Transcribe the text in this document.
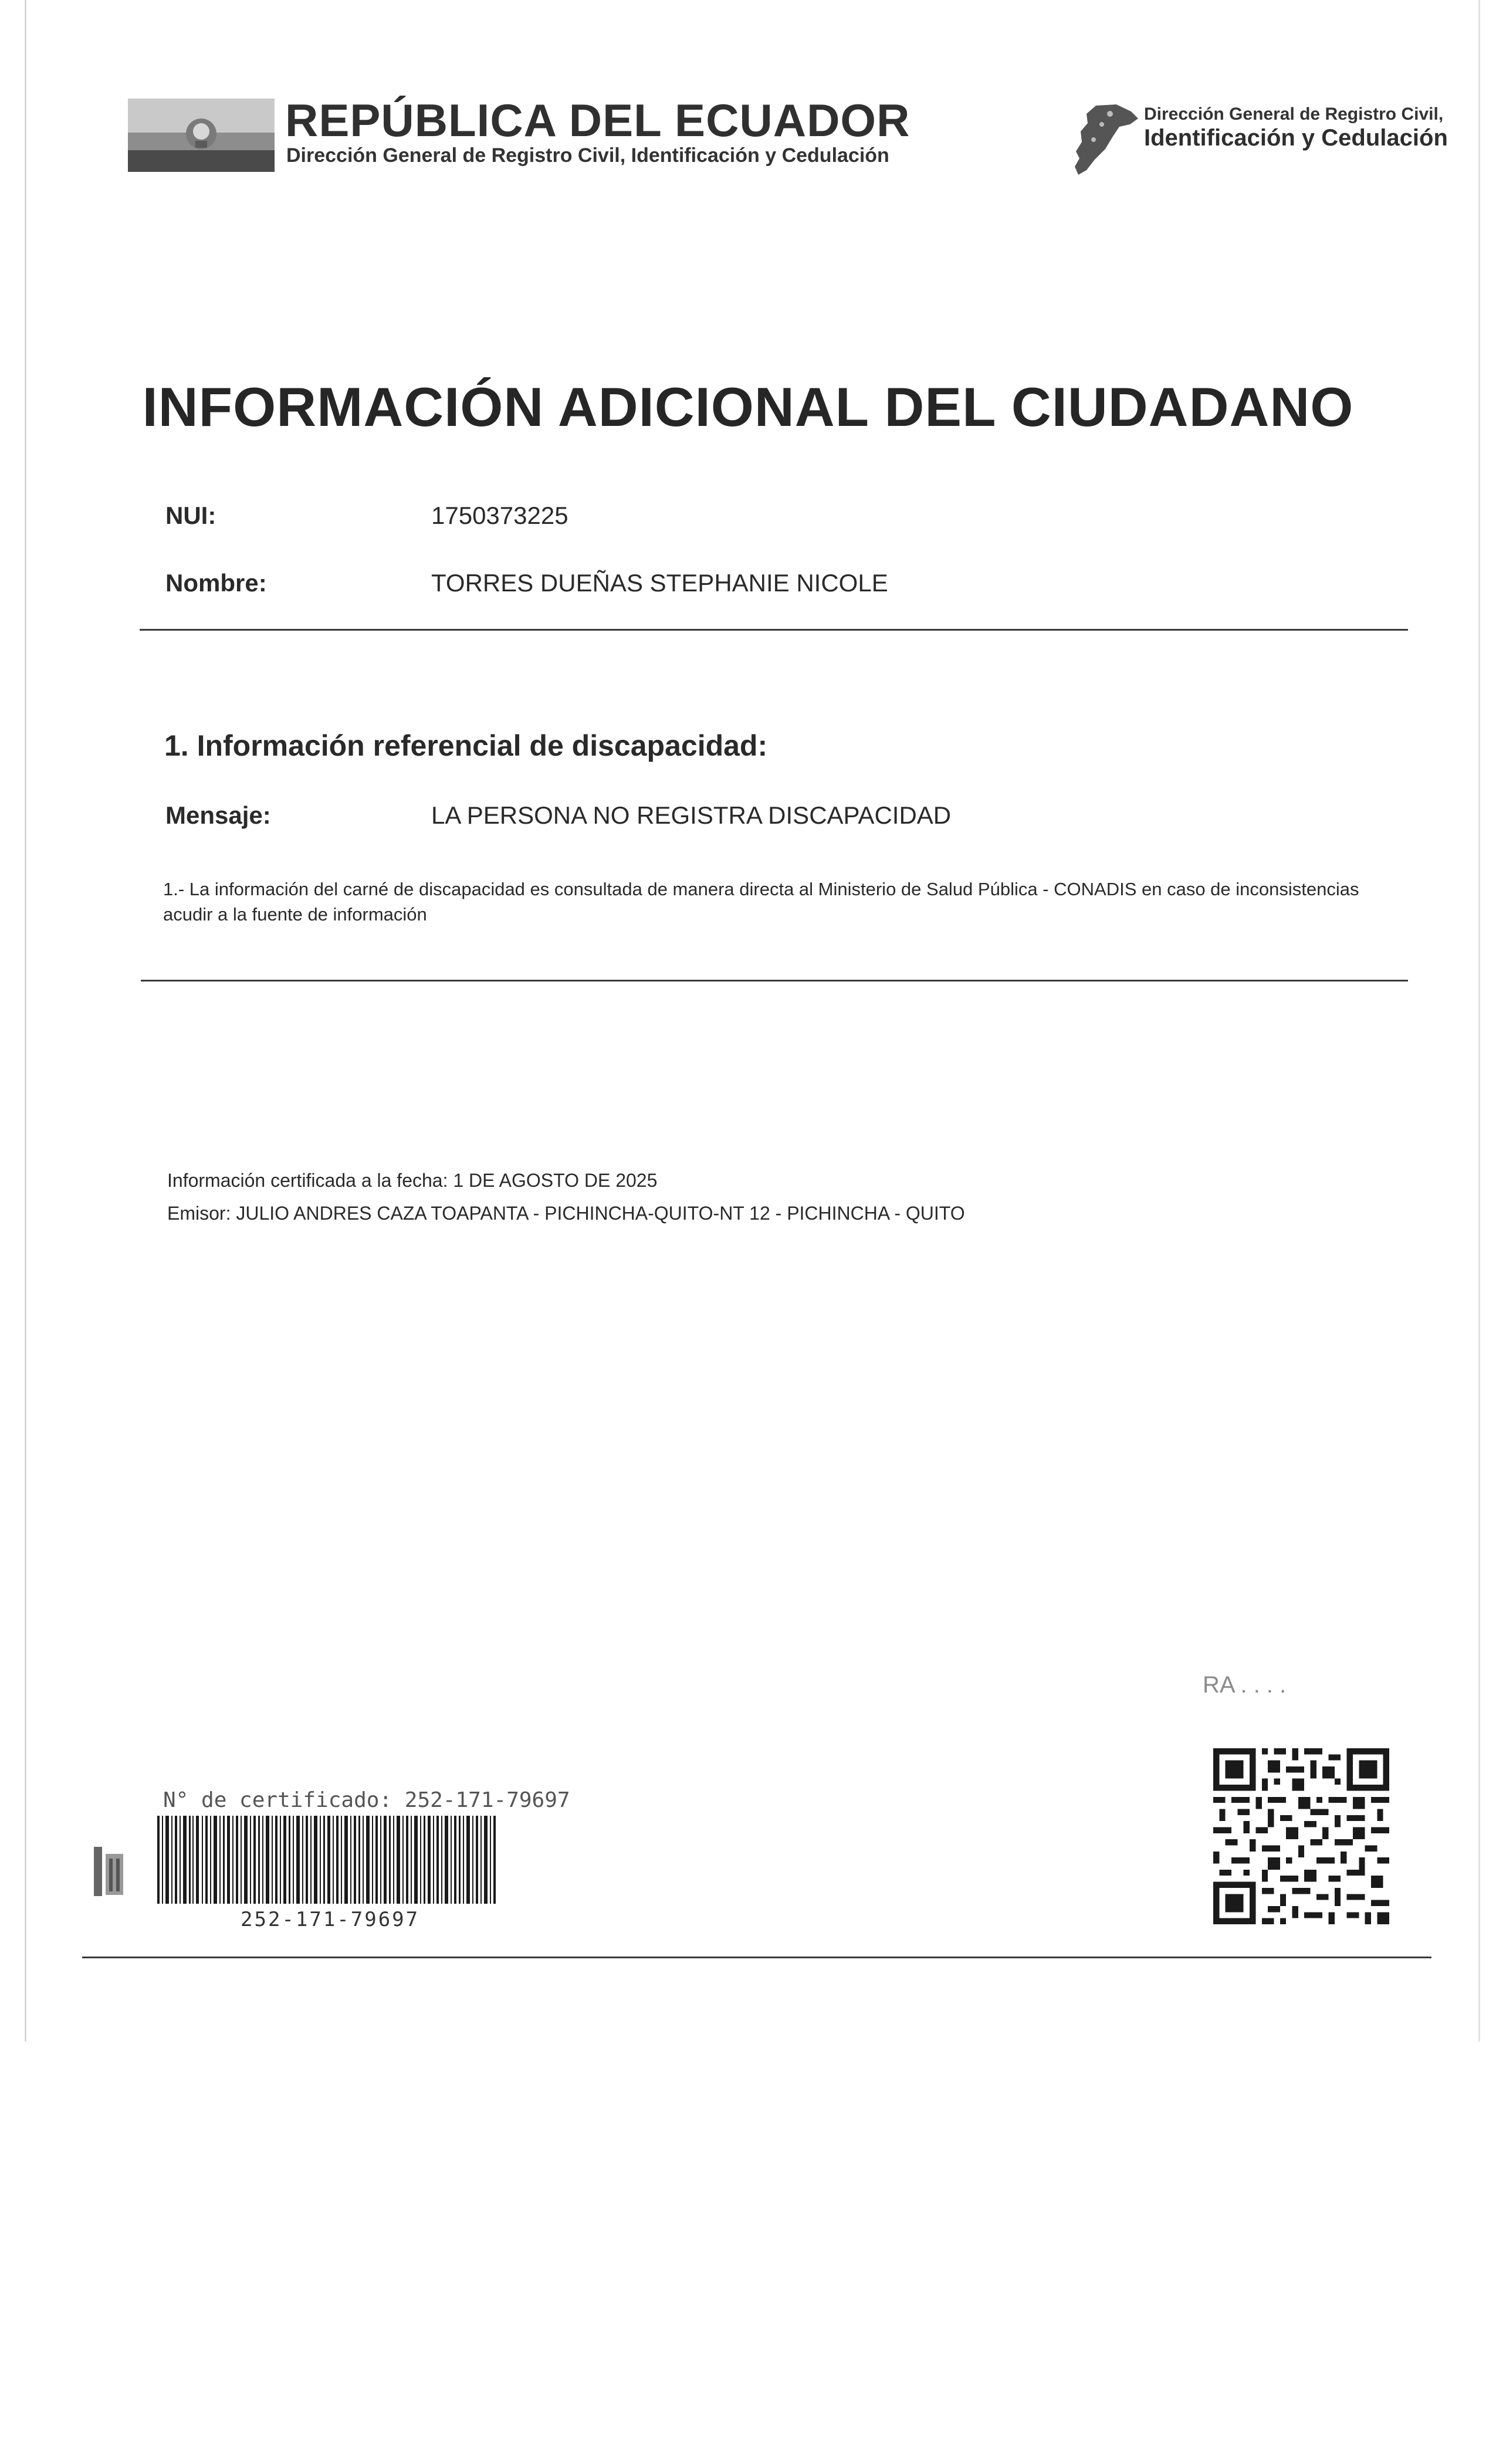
REPÚBLICA DEL ECUADOR
Dirección General de Registro Civil, Identificación y Cedulación
Dirección General de Registro Civil,
Identificación y Cedulación
INFORMACIÓN ADICIONAL DEL CIUDADANO
NUI:	1750373225
Nombre:	TORRES DUEÑAS STEPHANIE NICOLE
1. Información referencial de discapacidad:
Mensaje:	LA PERSONA NO REGISTRA DISCAPACIDAD
1.- La información del carné de discapacidad es consultada de manera directa al Ministerio de Salud Pública - CONADIS en caso de inconsistencias acudir a la fuente de información
Información certificada a la fecha: 1 DE AGOSTO DE 2025
Emisor: JULIO ANDRES CAZA TOAPANTA - PICHINCHA-QUITO-NT 12 - PICHINCHA - QUITO
RA . . . .
N° de certificado: 252-171-79697
252-171-79697
